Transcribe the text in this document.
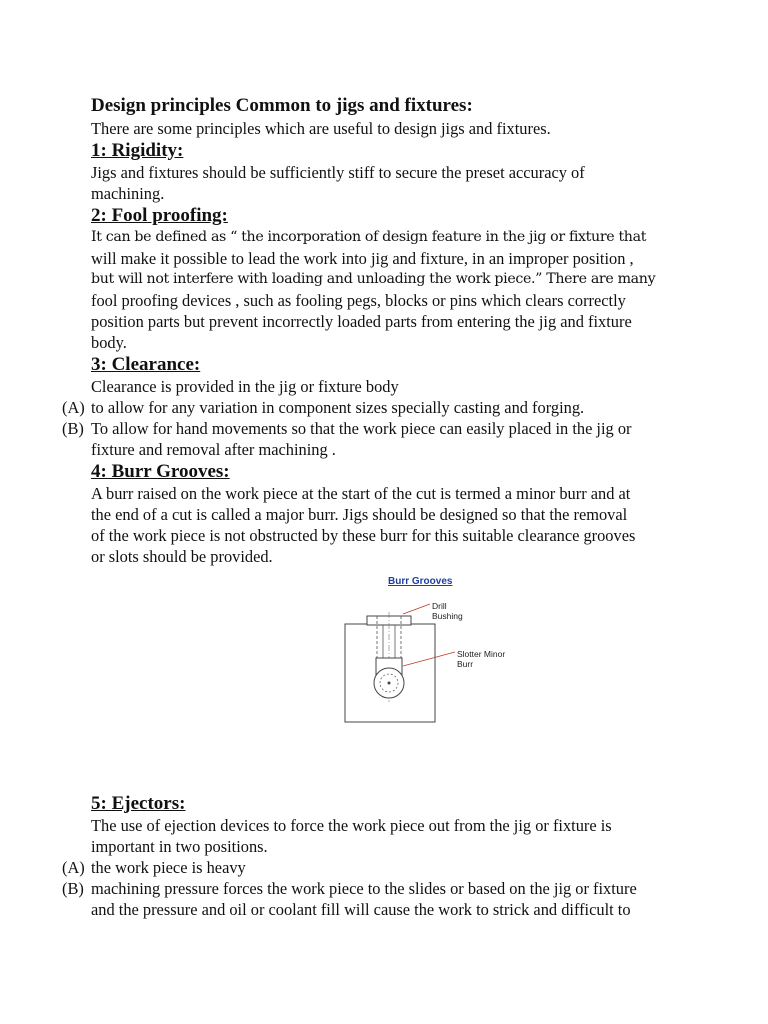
Design principles Common to jigs and fixtures:
There are some principles which are useful to design jigs and fixtures.
1: Rigidity:
Jigs and fixtures should be sufficiently stiff to secure the preset accuracy of
machining.
2: Fool proofing:
It can be defined as “ the incorporation of design feature in the jig or fixture that
will make it possible to lead the work into jig and fixture, in an improper position ,
but will not interfere with loading and unloading the work piece.” There are many
fool proofing devices , such as fooling pegs, blocks or pins which clears correctly
position parts but prevent incorrectly loaded parts from entering the jig and fixture
body.
3: Clearance:
Clearance is provided in the jig or fixture body
(A) to allow for any variation in component sizes specially casting and forging.
(B) To allow for hand movements so that the work piece can easily placed in the jig or
fixture and removal after machining .
4: Burr Grooves:
A burr raised on the work piece at the start of the cut is termed a minor burr and at
the end of a cut is called a major burr. Jigs should be designed so that the removal
of the work piece is not obstructed by these burr for this suitable clearance grooves
or slots should be provided.
Burr Grooves
Drill
Bushing
Slotter Minor
Burr
5: Ejectors:
The use of ejection devices to force the work piece out from the jig or fixture is
important in two positions.
(A) the work piece is heavy
(B) machining pressure forces the work piece to the slides or based on the jig or fixture
and the pressure and oil or coolant fill will cause the work to strick and difficult to
